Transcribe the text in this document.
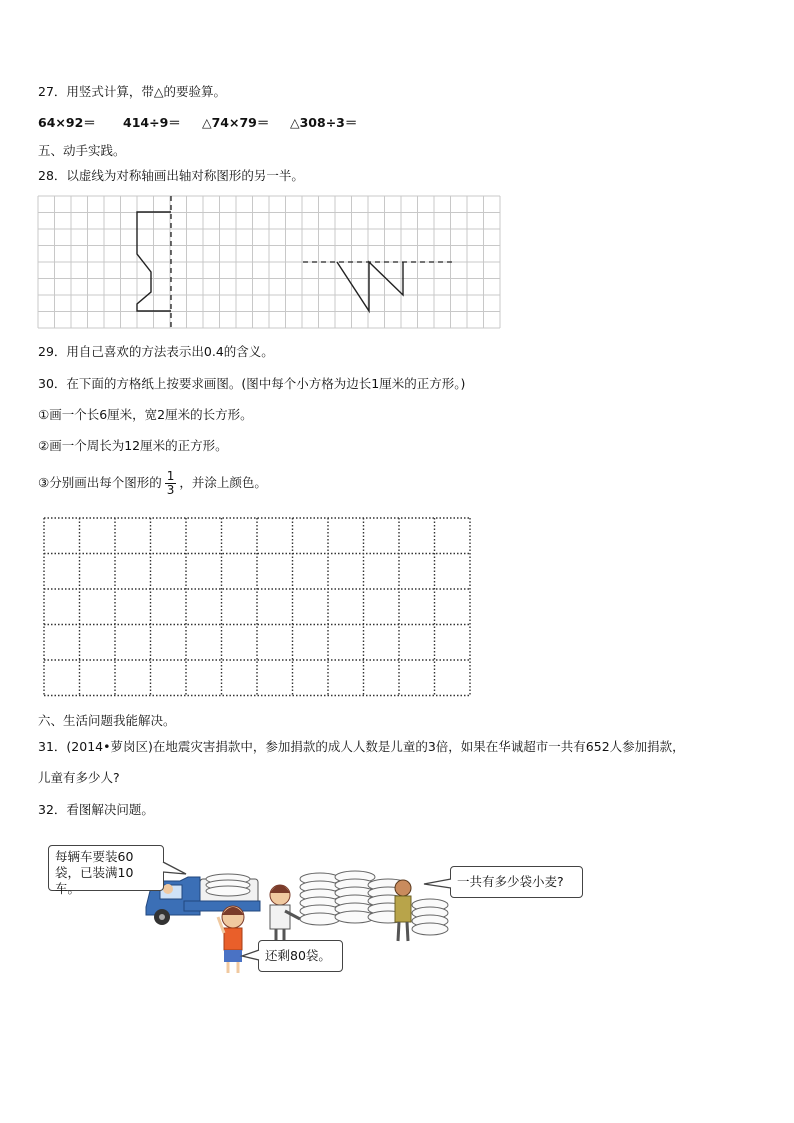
27．用竖式计算，带△的要验算。
64×92＝ 414÷9＝ △74×79＝ △308÷3＝
五、动手实践。
28．以虚线为对称轴画出轴对称图形的另一半。
29．用自己喜欢的方法表示出0.4的含义。
30．在下面的方格纸上按要求画图。(图中每个小方格为边长1厘米的正方形。)
①画一个长6厘米，宽2厘米的长方形。
②画一个周长为12厘米的正方形。
③分别画出每个图形的 $\frac{1}{3}$ ，并涂上颜色。
六、生活问题我能解决。
31．(2014•萝岗区)在地震灾害捐款中，参加捐款的成人人数是儿童的3倍，如果在华诚超市一共有652人参加捐款，
儿童有多少人?
32．看图解决问题。
每辆车要装60
袋，已装满10车。	一共有多少袋小麦?
还剩80袋。
